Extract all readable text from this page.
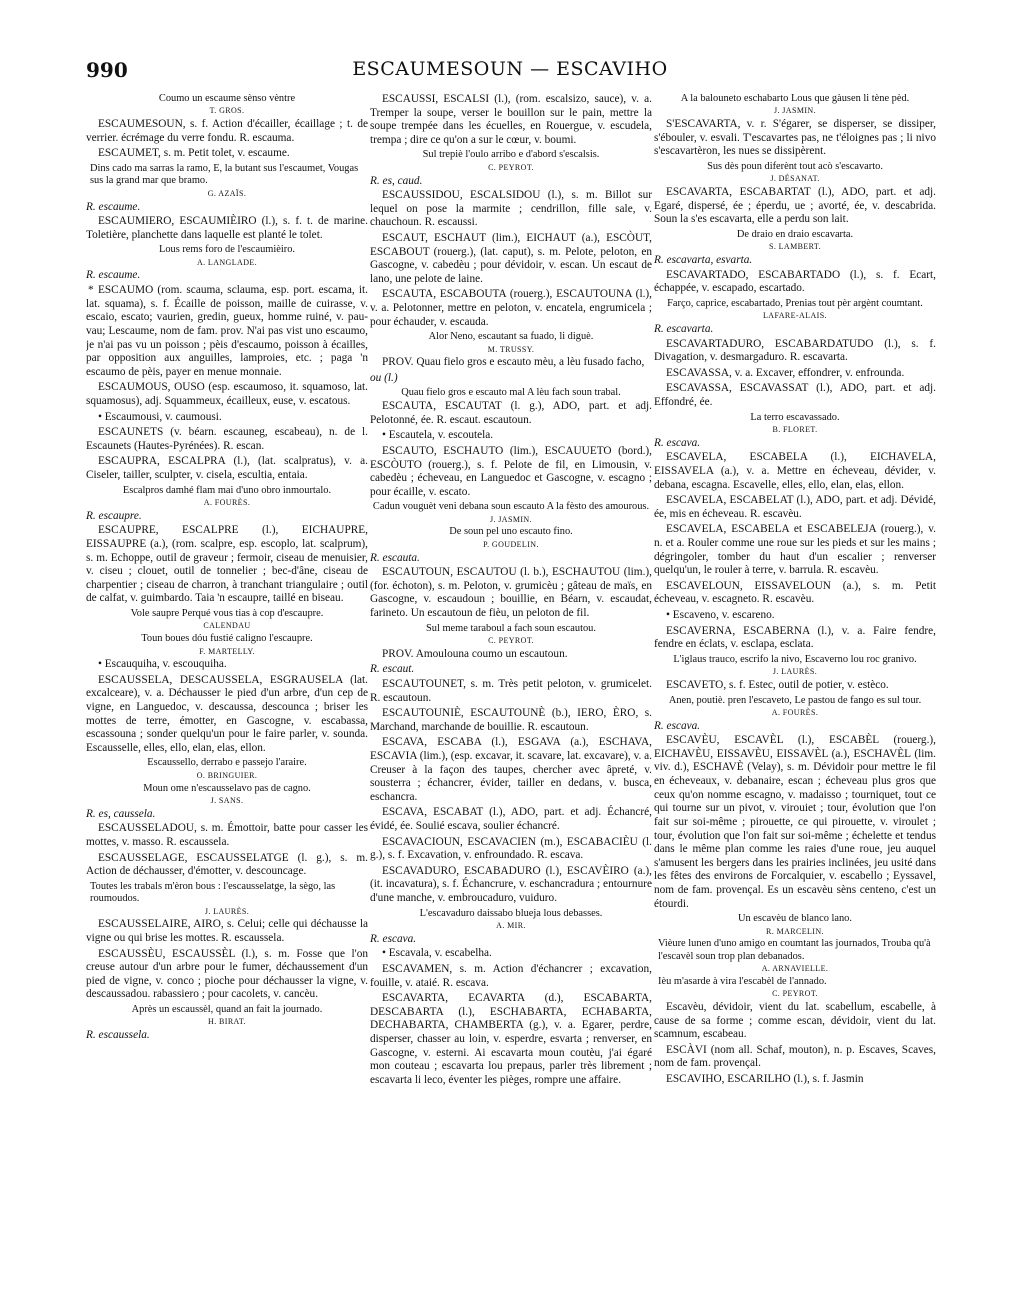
990	ESCAUMESOUN — ESCAVIHO
Coumo un escaume sènso vèntre
T. GROS.

ESCAUMESOUN, s. f. Action d'écailler, écaillage ; t. de verrier. écrémage du verre fondu. R. escauma.

ESCAUMET, s. m. Petit tolet, v. escaume.

Dins cado ma sarras la ramo, E, la butant sus l'escaumet, Vougas sus la grand mar que bramo.
G. AZAÏS.
R. escaume.

ESCAUMIERO, ESCAUMIÈIRO (l.), s. f. t. de marine. Toletière, planchette dans laquelle est planté le tolet.

Lous rems foro de l'escaumièiro.
A. LANGLADE.
R. escaume.

* ESCAUMO (rom. scauma, sclauma, esp. port. escama, it. lat. squama), s. f. Écaille de poisson, maille de cuirasse, v. escaio, escato; vaurien, gredin, gueux, homme ruiné, v. pau-vau; Lescaume, nom de fam. prov. N'ai pas vist uno escaumo, je n'ai pas vu un poisson ; pèis d'escaumo, poisson à écailles, par opposition aux anguilles, lamproies, etc. ; paga 'n escaumo de pèis, payer en menue monnaie.

ESCAUMOUS, OUSO (esp. escaumoso, it. squamoso, lat. squamosus), adj. Squammeux, écailleux, euse, v. escatous.

• Escaumousi, v. caumousi.

ESCAUNETS (v. béarn. escauneg, escabeau), n. de l. Escaunets (Hautes-Pyrénées). R. escan.

ESCAUPRA, ESCALPRA (l.), (lat. scalpratus), v. a. Ciseler, tailler, sculpter, v. cisela, escultia, entaia.

Escalpros damhé flam mai d'uno obro inmourtalo.
A. FOURÈS.
R. escaupre.

ESCAUPRE, ESCALPRE (l.), EICHAUPRE, EISSAUPRE (a.), (rom. scalpre, esp. escoplo, lat. scalprum), s. m. Echoppe, outil de graveur ; fermoir, ciseau de menuisier, v. ciseu ; clouet, outil de tonnelier ; bec-d'âne, ciseau de charpentier ; ciseau de charron, à tranchant triangulaire ; outil de calfat, v. guimbardo. Taia 'n escaupre, taillé en biseau.

Vole saupre Perqué vous tias à cop d'escaupre.
CALENDAU
Toun boues dóu fustié caligno l'escaupre.
F. MARTELLY.

• Escauquiha, v. escouquiha.

ESCAUSSELA, DESCAUSSELA, ESGRAUSELA (lat. excalceare), v. a. Déchausser le pied d'un arbre, d'un cep de vigne, en Languedoc, v. descaussa, descounca ; briser les mottes de terre, émotter, en Gascogne, v. escabassa, escassouna ; sonder quelqu'un pour le faire parler, v. sounda. Escausselle, elles, ello, elan, elas, ellon.

Escaussello, derrabo e passejo l'araire.
O. BRINGUIER.
Moun ome n'escausselavo pas de cagno.
J. SANS.
R. es, caussela.

ESCAUSSELADOU, s. m. Émottoir, batte pour casser les mottes, v. masso. R. escaussela.

ESCAUSSELAGE, ESCAUSSELATGE (l. g.), s. m. Action de déchausser, d'émotter, v. descouncage.

Toutes les trabals m'èron bous : l'escausselatge, la sègo, las roumoudos.
J. LAURÈS.

ESCAUSSELAIRE, AIRO, s. Celui; celle qui déchausse la vigne ou qui brise les mottes. R. escaussela.

ESCAUSSÈU, ESCAUSSÈL (l.), s. m. Fosse que l'on creuse autour d'un arbre pour le fumer, déchaussement d'un pied de vigne, v. conco ; pioche pour déchausser la vigne, v. descaussadou. rabassiero ; pour cacolets, v. cancèu.

Après un escaussèl, quand an fait la journado.
H. BIRAT.
R. escaussela.

ESCAUSSI, ESCALSI (l.), (rom. escalsizo, sauce), v. a. Tremper la soupe, verser le bouillon sur le pain, mettre la soupe trempée dans les écuelles, en Rouergue, v. escudela, trempa ; dire ce qu'on a sur le cœur, v. boumi.

Sul trepiè l'oulo arribo e d'abord s'escalsis.
C. PEYROT.
R. es, caud.

ESCAUSSIDOU, ESCALSIDOU (l.), s. m. Billot sur lequel on pose la marmite ; cendrillon, fille sale, v. chauchoun. R. escaussi.

ESCAUT, ESCHAUT (lim.), EICHAUT (a.), ESCÒUT, ESCABOUT (rouerg.), (lat. caput), s. m. Pelote, peloton, en Gascogne, v. cabedèu ; pour dévidoir, v. escan. Un escaut de lano, une pelote de laine.

ESCAUTA, ESCABOUTA (rouerg.), ESCAUTOUNA (l.), v. a. Pelotonner, mettre en peloton, v. encatela, engrumicela ; pour échauder, v. escauda.

Alor Neno, escautant sa fuado, li diguè.
M. TRUSSY.

PROV. Quau fielo gros e escauto mèu, a lèu fusado facho,

ou (l.)
Quau fielo gros e escauto mal A lèu fach soun trabal.

ESCAUTA, ESCAUTAT (l. g.), ADO, part. et adj. Pelotonné, ée. R. escaut. escautoun.

• Escautela, v. escoutela.

ESCAUTO, ESCHAUTO (lim.), ESCAUUETO (bord.), ESCÒUTO (rouerg.), s. f. Pelote de fil, en Limousin, v. cabedèu ; écheveau, en Languedoc et Gascogne, v. escagno ; pour écaille, v. escato.

Cadun vouguèt veni debana soun escauto A la fèsto des amourous.
J. JASMIN.
De soun pel uno escauto fino.
P. GOUDELIN.
R. escauta.

ESCAUTOUN, ESCAUTOU (l. b.), ESCHAUTOU (lim.), (for. échoton), s. m. Peloton, v. grumicèu ; gâteau de maïs, en Gascogne, v. escaudoun ; bouillie, en Béarn, v. escaudat, farineto. Un escautoun de fièu, un peloton de fil.

Sul meme taraboul a fach soun escautou.
C. PEYROT.

PROV. Amoulouna coumo un escautoun.

R. escaut.

ESCAUTOUNET, s. m. Très petit peloton, v. grumicelet. R. escautoun.

ESCAUTOUNIÈ, ESCAUTOUNÈ (b.), IERO, ÈRO, s. Marchand, marchande de bouillie. R. escautoun.

ESCAVA, ESCABA (l.), ESGAVA (a.), ESCHAVA, ESCAVIA (lim.), (esp. excavar, it. scavare, lat. excavare), v. a. Creuser à la façon des taupes, chercher avec âpreté, v. sousterra ; échancrer, évider, tailler en dedans, v. busca, eschancra.

ESCAVA, ESCABAT (l.), ADO, part. et adj. Échancré, évidé, ée. Soulié escava, soulier échancré.

ESCAVACIOUN, ESCAVACIEN (m.), ESCABACIÈU (l. g.), s. f. Excavation, v. enfroundado. R. escava.

ESCAVADURO, ESCABADURO (l.), ESCAVÈIRO (a.), (it. incavatura), s. f. Échancrure, v. eschancradura ; entournure d'une manche, v. embroucaduro, vuiduro.

L'escavaduro daissabo blueja lous debasses.
A. MIR.
R. escava.

• Escavala, v. escabelha.

ESCAVAMEN, s. m. Action d'échancrer ; excavation, fouille, v. ataié. R. escava.

ESCAVARTA, ECAVARTA (d.), ESCABARTA, DESCABARTA (l.), ESCHABARTA, ECHABARTA, DECHABARTA, CHAMBERTA (g.), v. a. Egarer, perdre, disperser, chasser au loin, v. esperdre, esvarta ; renverser, en Gascogne, v. esterni. Ai escavarta moun coutèu, j'ai égaré mon couteau ; escavarta lou prepaus, parler très librement ; escavarta li leco, éventer les pièges, rompre une affaire.

A la balouneto eschabarto Lous que gàusen li tène pèd.
J. JASMIN.

S'ESCAVARTA, v. r. S'égarer, se disperser, se dissiper, s'ébouler, v. esvali. T'escavartes pas, ne t'éloignes pas ; li nivo s'escavartèron, les nues se dissipèrent.

Sus dès poun diferènt tout acò s'escavarto.
J. DÉSANAT.

ESCAVARTA, ESCABARTAT (l.), ADO, part. et adj. Egaré, dispersé, ée ; éperdu, ue ; avorté, ée, v. descabrida. Soun la s'es escavarta, elle a perdu son lait.

De draio en draio escavarta.
S. LAMBERT.
R. escavarta, esvarta.

ESCAVARTADO, ESCABARTADO (l.), s. f. Ecart, échappée, v. escapado, escartado.

Farço, caprice, escabartado, Prenias tout pèr argènt coumtant.
LAFARE-ALAIS.
R. escavarta.

ESCAVARTADURO, ESCABARDATUDO (l.), s. f. Divagation, v. desmargaduro. R. escavarta.

ESCAVASSA, v. a. Excaver, effondrer, v. enfrounda.

ESCAVASSA, ESCAVASSAT (l.), ADO, part. et adj. Effondré, ée.

La terro escavassado.
B. FLORET.
R. escava.

ESCAVELA, ESCABELA (l.), EICHAVELA, EISSAVELA (a.), v. a. Mettre en écheveau, dévider, v. debana, escagna. Escavelle, elles, ello, elan, elas, ellon.

ESCAVELA, ESCABELAT (l.), ADO, part. et adj. Dévidé, ée, mis en écheveau. R. escavèu.

ESCAVELA, ESCABELA et ESCABELEJA (rouerg.), v. n. et a. Rouler comme une roue sur les pieds et sur les mains ; dégringoler, tomber du haut d'un escalier ; renverser quelqu'un, le rouler à terre, v. barrula. R. escavèu.

ESCAVELOUN, EISSAVELOUN (a.), s. m. Petit écheveau, v. escagneto. R. escavèu.

• Escaveno, v. escareno.

ESCAVERNA, ESCABERNA (l.), v. a. Faire fendre, fendre en éclats, v. esclapa, esclata.

L'iglaus trauco, escrifo la nivo, Escaverno lou roc granivo.
J. LAURÈS.

ESCAVETO, s. f. Estec, outil de potier, v. estèco.

Anen, poutiè. pren l'escaveto, Le pastou de fango es sul tour.
A. FOURÈS.
R. escava.

ESCAVÈU, ESCAVÈL (l.), ESCABÈL (rouerg.), EICHAVÈU, EISSAVÈU, EISSAVÈL (a.), ESCHAVÈL (lim. viv. d.), ESCHAVÈ (Velay), s. m. Dévidoir pour mettre le fil en écheveaux, v. debanaire, escan ; écheveau plus gros que ceux qu'on nomme escagno, v. madaisso ; tourniquet, tout ce qui tourne sur un pivot, v. virouiet ; tour, évolution que l'on fait sur soi-même ; pirouette, ce qui pirouette, v. viroulet ; tour, évolution que l'on fait sur soi-même ; échelette et tendus dans le même plan comme les raies d'une roue, jeu auquel s'amusent les bergers dans les prairies inclinées, jeu usité dans les fêtes des environs de Forcalquier, v. escabello ; Eyssavel, nom de fam. provençal. Es un escavèu sèns centeno, c'est un étourdi.

Un escavèu de blanco lano.
R. MARCELIN.
Vièure lunen d'uno amigo en coumtant las journados, Trouba qu'à l'escavèl soun trop plan debanados.
A. ARNAVIELLE.
Ièu m'asarde à vira l'escabèl de l'annado.
C. PEYROT.

Escavèu, dévidoir, vient du lat. scabellum, escabelle, à cause de sa forme ; comme escan, dévidoir, vient du lat. scamnum, escabeau.

ESCÀVI (nom all. Schaf, mouton), n. p. Escaves, Scaves, nom de fam. provençal.

ESCAVIHO, ESCARILHO (l.), s. f. Jasmin
